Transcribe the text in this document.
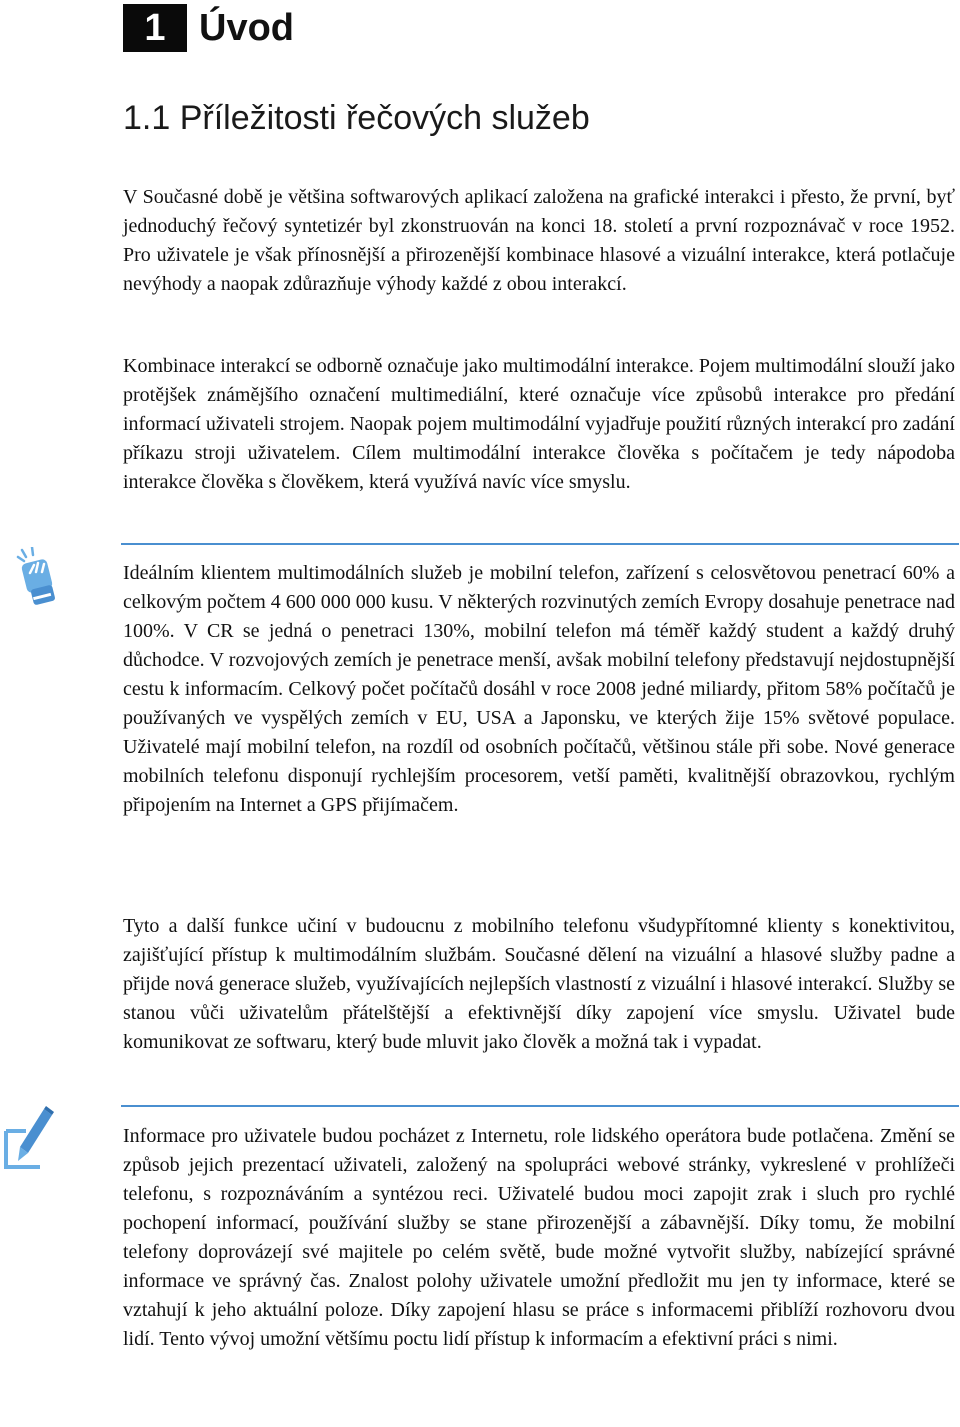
1 Úvod
1.1 Příležitosti řečových služeb

V Současné době je většina softwarových aplikací založena na grafické interakci i přesto, že první, byť jednoduchý řečový syntetizér byl zkonstruován na konci 18. století a první rozpoznávač v roce 1952. Pro uživatele je však přínosnější a přirozenější kombinace hlasové a vizuální interakce, která potlačuje nevýhody a naopak zdůrazňuje výhody každé z obou interakcí.

Kombinace interakcí se odborně označuje jako multimodální interakce. Pojem multimodální slouží jako protějšek známějšího označení multimediální, které označuje více způsobů interakce pro předání informací uživateli strojem. Naopak pojem multimodální vyjadřuje použití různých interakcí pro zadání příkazu stroji uživatelem. Cílem multimodální interakce člověka s počítačem je tedy nápodoba interakce člověka s člověkem, která využívá navíc více smyslu.

Ideálním klientem multimodálních služeb je mobilní telefon, zařízení s celosvětovou penetrací 60% a celkovým počtem 4 600 000 000 kusu. V některých rozvinutých zemích Evropy dosahuje penetrace nad 100%. V CR se jedná o penetraci 130%, mobilní telefon má téměř každý student a každý druhý důchodce. V rozvojových zemích je penetrace menší, avšak mobilní telefony představují nejdostupnější cestu k informacím. Celkový počet počítačů dosáhl v roce 2008 jedné miliardy, přitom 58% počítačů je používaných ve vyspělých zemích v EU, USA a Japonsku, ve kterých žije 15% světové populace. Uživatelé mají mobilní telefon, na rozdíl od osobních počítačů, většinou stále při sobe. Nové generace mobilních telefonu disponují rychlejším procesorem, vetší paměti, kvalitnější obrazovkou, rychlým připojením na Internet a GPS přijímačem.

Tyto a další funkce učiní v budoucnu z mobilního telefonu všudypřítomné klienty s konektivitou, zajišťující přístup k multimodálním službám. Současné dělení na vizuální a hlasové služby padne a přijde nová generace služeb, využívajících nejlepších vlastností z vizuální i hlasové interakcí. Služby se stanou vůči uživatelům přátelštější a efektivnější díky zapojení více smyslu. Uživatel bude komunikovat ze softwaru, který bude mluvit jako člověk a možná tak i vypadat.

Informace pro uživatele budou pocházet z Internetu, role lidského operátora bude potlačena. Změní se způsob jejich prezentací uživateli, založený na spolupráci webové stránky, vykreslené v prohlížeči telefonu, s rozpoznáváním a syntézou reci. Uživatelé budou moci zapojit zrak i sluch pro rychlé pochopení informací, používání služby se stane přirozenější a zábavnější. Díky tomu, že mobilní telefony doprovázejí své majitele po celém světě, bude možné vytvořit služby, nabízející správné informace ve správný čas. Znalost polohy uživatele umožní předložit mu jen ty informace, které se vztahují k jeho aktuální poloze. Díky zapojení hlasu se práce s informacemi přiblíží rozhovoru dvou lidí. Tento vývoj umožní většímu poctu lidí přístup k informacím a efektivní práci s nimi.
